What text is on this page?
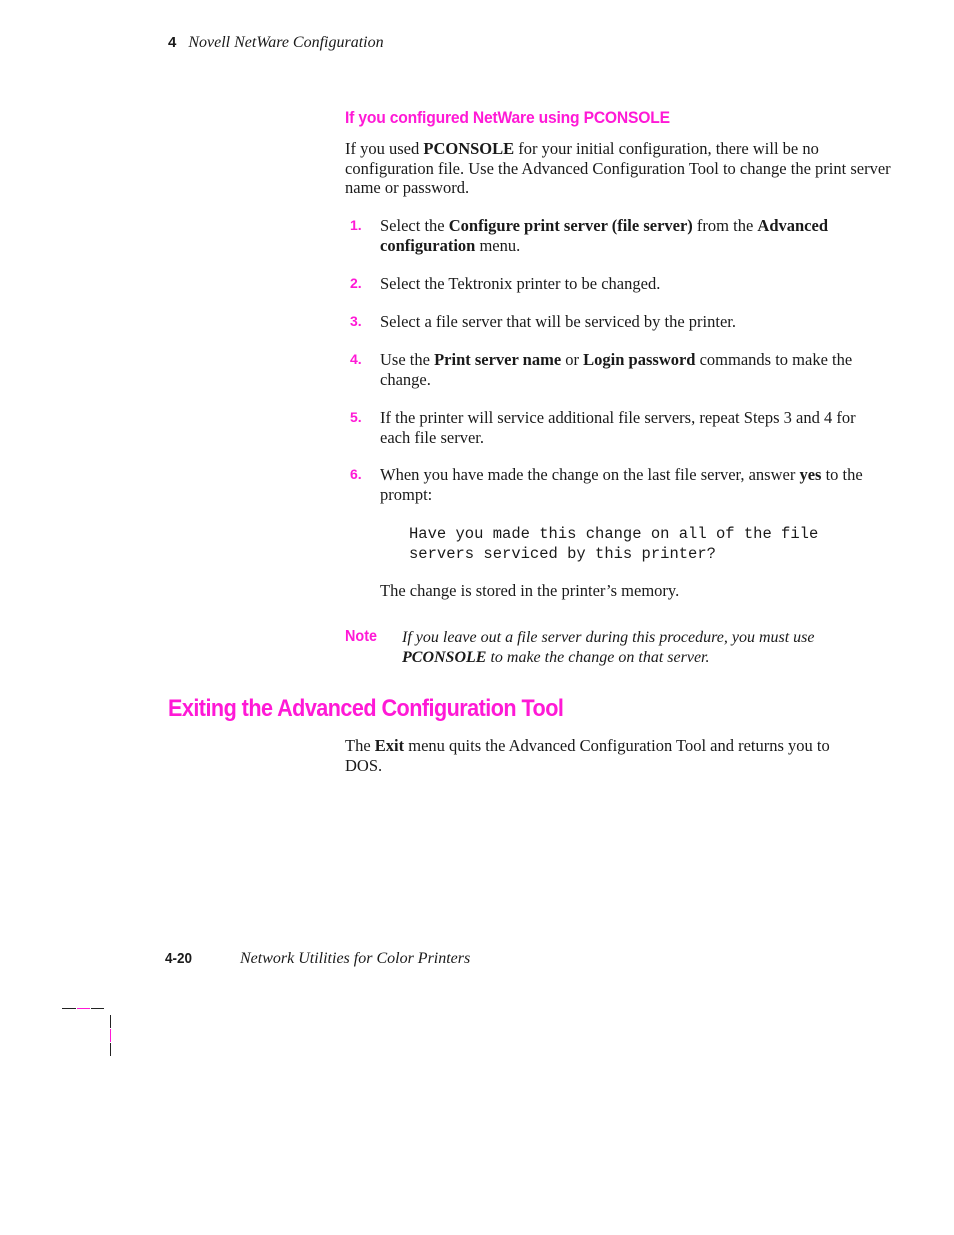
4 Novell NetWare Configuration
If you configured NetWare using PCONSOLE
If you used PCONSOLE for your initial configuration, there will be no configuration file. Use the Advanced Configuration Tool to change the print server name or password.
1. Select the Configure print server (file server) from the Advanced configuration menu.
2. Select the Tektronix printer to be changed.
3. Select a file server that will be serviced by the printer.
4. Use the Print server name or Login password commands to make the change.
5. If the printer will service additional file servers, repeat Steps 3 and 4 for each file server.
6. When you have made the change on the last file server, answer yes to the prompt:
Have you made this change on all of the file
servers serviced by this printer?
The change is stored in the printer’s memory.
Note If you leave out a file server during this procedure, you must use PCONSOLE to make the change on that server.
Exiting the Advanced Configuration Tool
The Exit menu quits the Advanced Configuration Tool and returns you to DOS.
4-20	Network Utilities for Color Printers
